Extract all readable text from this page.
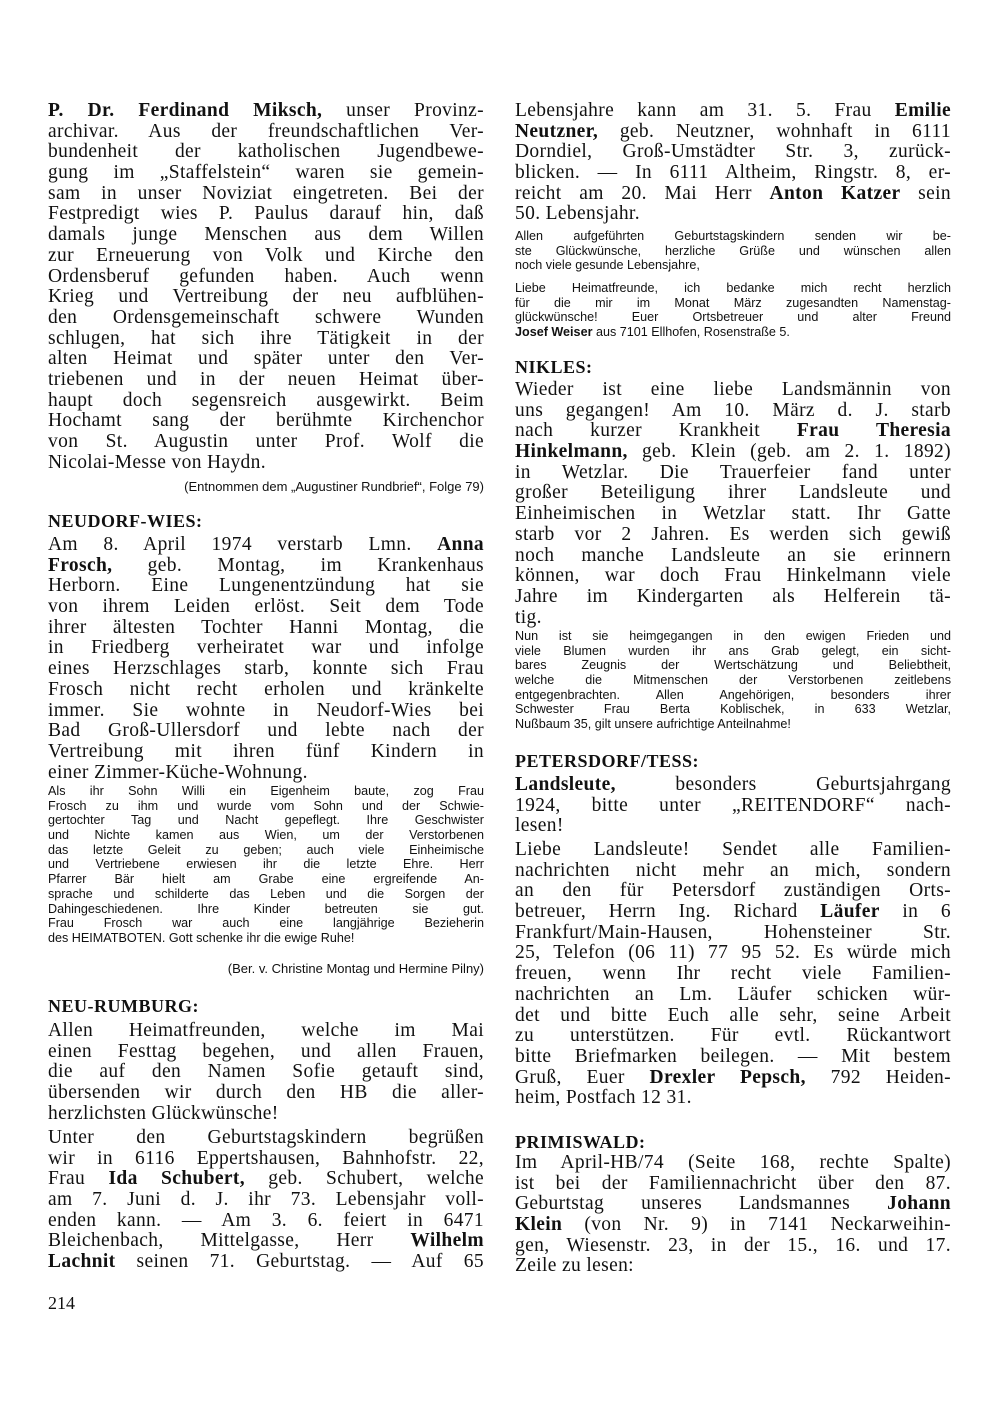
P. Dr. Ferdinand Miksch, unser Provinz-
archivar. Aus der freundschaftlichen Ver-
bundenheit der katholischen Jugendbewe-
gung im „Staffelstein“ waren sie gemein-
sam in unser Noviziat eingetreten. Bei der
Festpredigt wies P. Paulus darauf hin, daß
damals junge Menschen aus dem Willen
zur Erneuerung von Volk und Kirche den
Ordensberuf gefunden haben. Auch wenn
Krieg und Vertreibung der neu aufblühen-
den Ordensgemeinschaft schwere Wunden
schlugen, hat sich ihre Tätigkeit in der
alten Heimat und später unter den Ver-
triebenen und in der neuen Heimat über-
haupt doch segensreich ausgewirkt. Beim
Hochamt sang der berühmte Kirchenchor
von St. Augustin unter Prof. Wolf die
Nicolai-Messe von Haydn.
(Entnommen dem „Augustiner Rundbrief“, Folge 79)
NEUDORF-WIES:
Am 8. April 1974 verstarb Lmn. Anna
Frosch, geb. Montag, im Krankenhaus
Herborn. Eine Lungenentzündung hat sie
von ihrem Leiden erlöst. Seit dem Tode
ihrer ältesten Tochter Hanni Montag, die
in Friedberg verheiratet war und infolge
eines Herzschlages starb, konnte sich Frau
Frosch nicht recht erholen und kränkelte
immer. Sie wohnte in Neudorf-Wies bei
Bad Groß-Ullersdorf und lebte nach der
Vertreibung mit ihren fünf Kindern in
einer Zimmer-Küche-Wohnung.
Als ihr Sohn Willi ein Eigenheim baute, zog Frau
Frosch zu ihm und wurde vom Sohn und der Schwie-
gertochter Tag und Nacht gepeflegt. Ihre Geschwister
und Nichte kamen aus Wien, um der Verstorbenen
das letzte Geleit zu geben; auch viele Einheimische
und Vertriebene erwiesen ihr die letzte Ehre. Herr
Pfarrer Bär hielt am Grabe eine ergreifende An-
sprache und schilderte das Leben und die Sorgen der
Dahingeschiedenen. Ihre Kinder betreuten sie gut.
Frau Frosch war auch eine langjährige Bezieherin
des HEIMATBOTEN. Gott schenke ihr die ewige Ruhe!
(Ber. v. Christine Montag und Hermine Pilny)
NEU-RUMBURG:
Allen Heimatfreunden, welche im Mai
einen Festtag begehen, und allen Frauen,
die auf den Namen Sofie getauft sind,
übersenden wir durch den HB die aller-
herzlichsten Glückwünsche!
Unter den Geburtstagskindern begrüßen
wir in 6116 Eppertshausen, Bahnhofstr. 22,
Frau Ida Schubert, geb. Schubert, welche
am 7. Juni d. J. ihr 73. Lebensjahr voll-
enden kann. — Am 3. 6. feiert in 6471
Bleichenbach, Mittelgasse, Herr Wilhelm
Lachnit seinen 71. Geburtstag. — Auf 65
Lebensjahre kann am 31. 5. Frau Emilie
Neutzner, geb. Neutzner, wohnhaft in 6111
Dorndiel, Groß-Umstädter Str. 3, zurück-
blicken. — In 6111 Altheim, Ringstr. 8, er-
reicht am 20. Mai Herr Anton Katzer sein
50. Lebensjahr.
Allen aufgeführten Geburtstagskindern senden wir be-
ste Glückwünsche, herzliche Grüße und wünschen allen
noch viele gesunde Lebensjahre,
Liebe Heimatfreunde, ich bedanke mich recht herzlich
für die mir im Monat März zugesandten Namenstag-
glückwünsche! Euer Ortsbetreuer und alter Freund
Josef Weiser aus 7101 Ellhofen, Rosenstraße 5.
NIKLES:
Wieder ist eine liebe Landsmännin von
uns gegangen! Am 10. März d. J. starb
nach kurzer Krankheit Frau Theresia
Hinkelmann, geb. Klein (geb. am 2. 1. 1892)
in Wetzlar. Die Trauerfeier fand unter
großer Beteiligung ihrer Landsleute und
Einheimischen in Wetzlar statt. Ihr Gatte
starb vor 2 Jahren. Es werden sich gewiß
noch manche Landsleute an sie erinnern
können, war doch Frau Hinkelmann viele
Jahre im Kindergarten als Helferein tä-
tig.
Nun ist sie heimgegangen in den ewigen Frieden und
viele Blumen wurden ihr ans Grab gelegt, ein sicht-
bares Zeugnis der Wertschätzung und Beliebtheit,
welche die Mitmenschen der Verstorbenen zeitlebens
entgegenbrachten. Allen Angehörigen, besonders ihrer
Schwester Frau Berta Koblischek, in 633 Wetzlar,
Nußbaum 35, gilt unsere aufrichtige Anteilnahme!
PETERSDORF/TESS:
Landsleute, besonders Geburtsjahrgang
1924, bitte unter „REITENDORF“ nach-
lesen!
Liebe Landsleute! Sendet alle Familien-
nachrichten nicht mehr an mich, sondern
an den für Petersdorf zuständigen Orts-
betreuer, Herrn Ing. Richard Läufer in 6
Frankfurt/Main-Hausen, Hohensteiner Str.
25, Telefon (06 11) 77 95 52. Es würde mich
freuen, wenn Ihr recht viele Familien-
nachrichten an Lm. Läufer schicken wür-
det und bitte Euch alle sehr, seine Arbeit
zu unterstützen. Für evtl. Rückantwort
bitte Briefmarken beilegen. — Mit bestem
Gruß, Euer Drexler Pepsch, 792 Heiden-
heim, Postfach 12 31.
PRIMISWALD:
Im April-HB/74 (Seite 168, rechte Spalte)
ist bei der Familiennachricht über den 87.
Geburtstag unseres Landsmannes Johann
Klein (von Nr. 9) in 7141 Neckarweihin-
gen, Wiesenstr. 23, in der 15., 16. und 17.
Zeile zu lesen:
214
